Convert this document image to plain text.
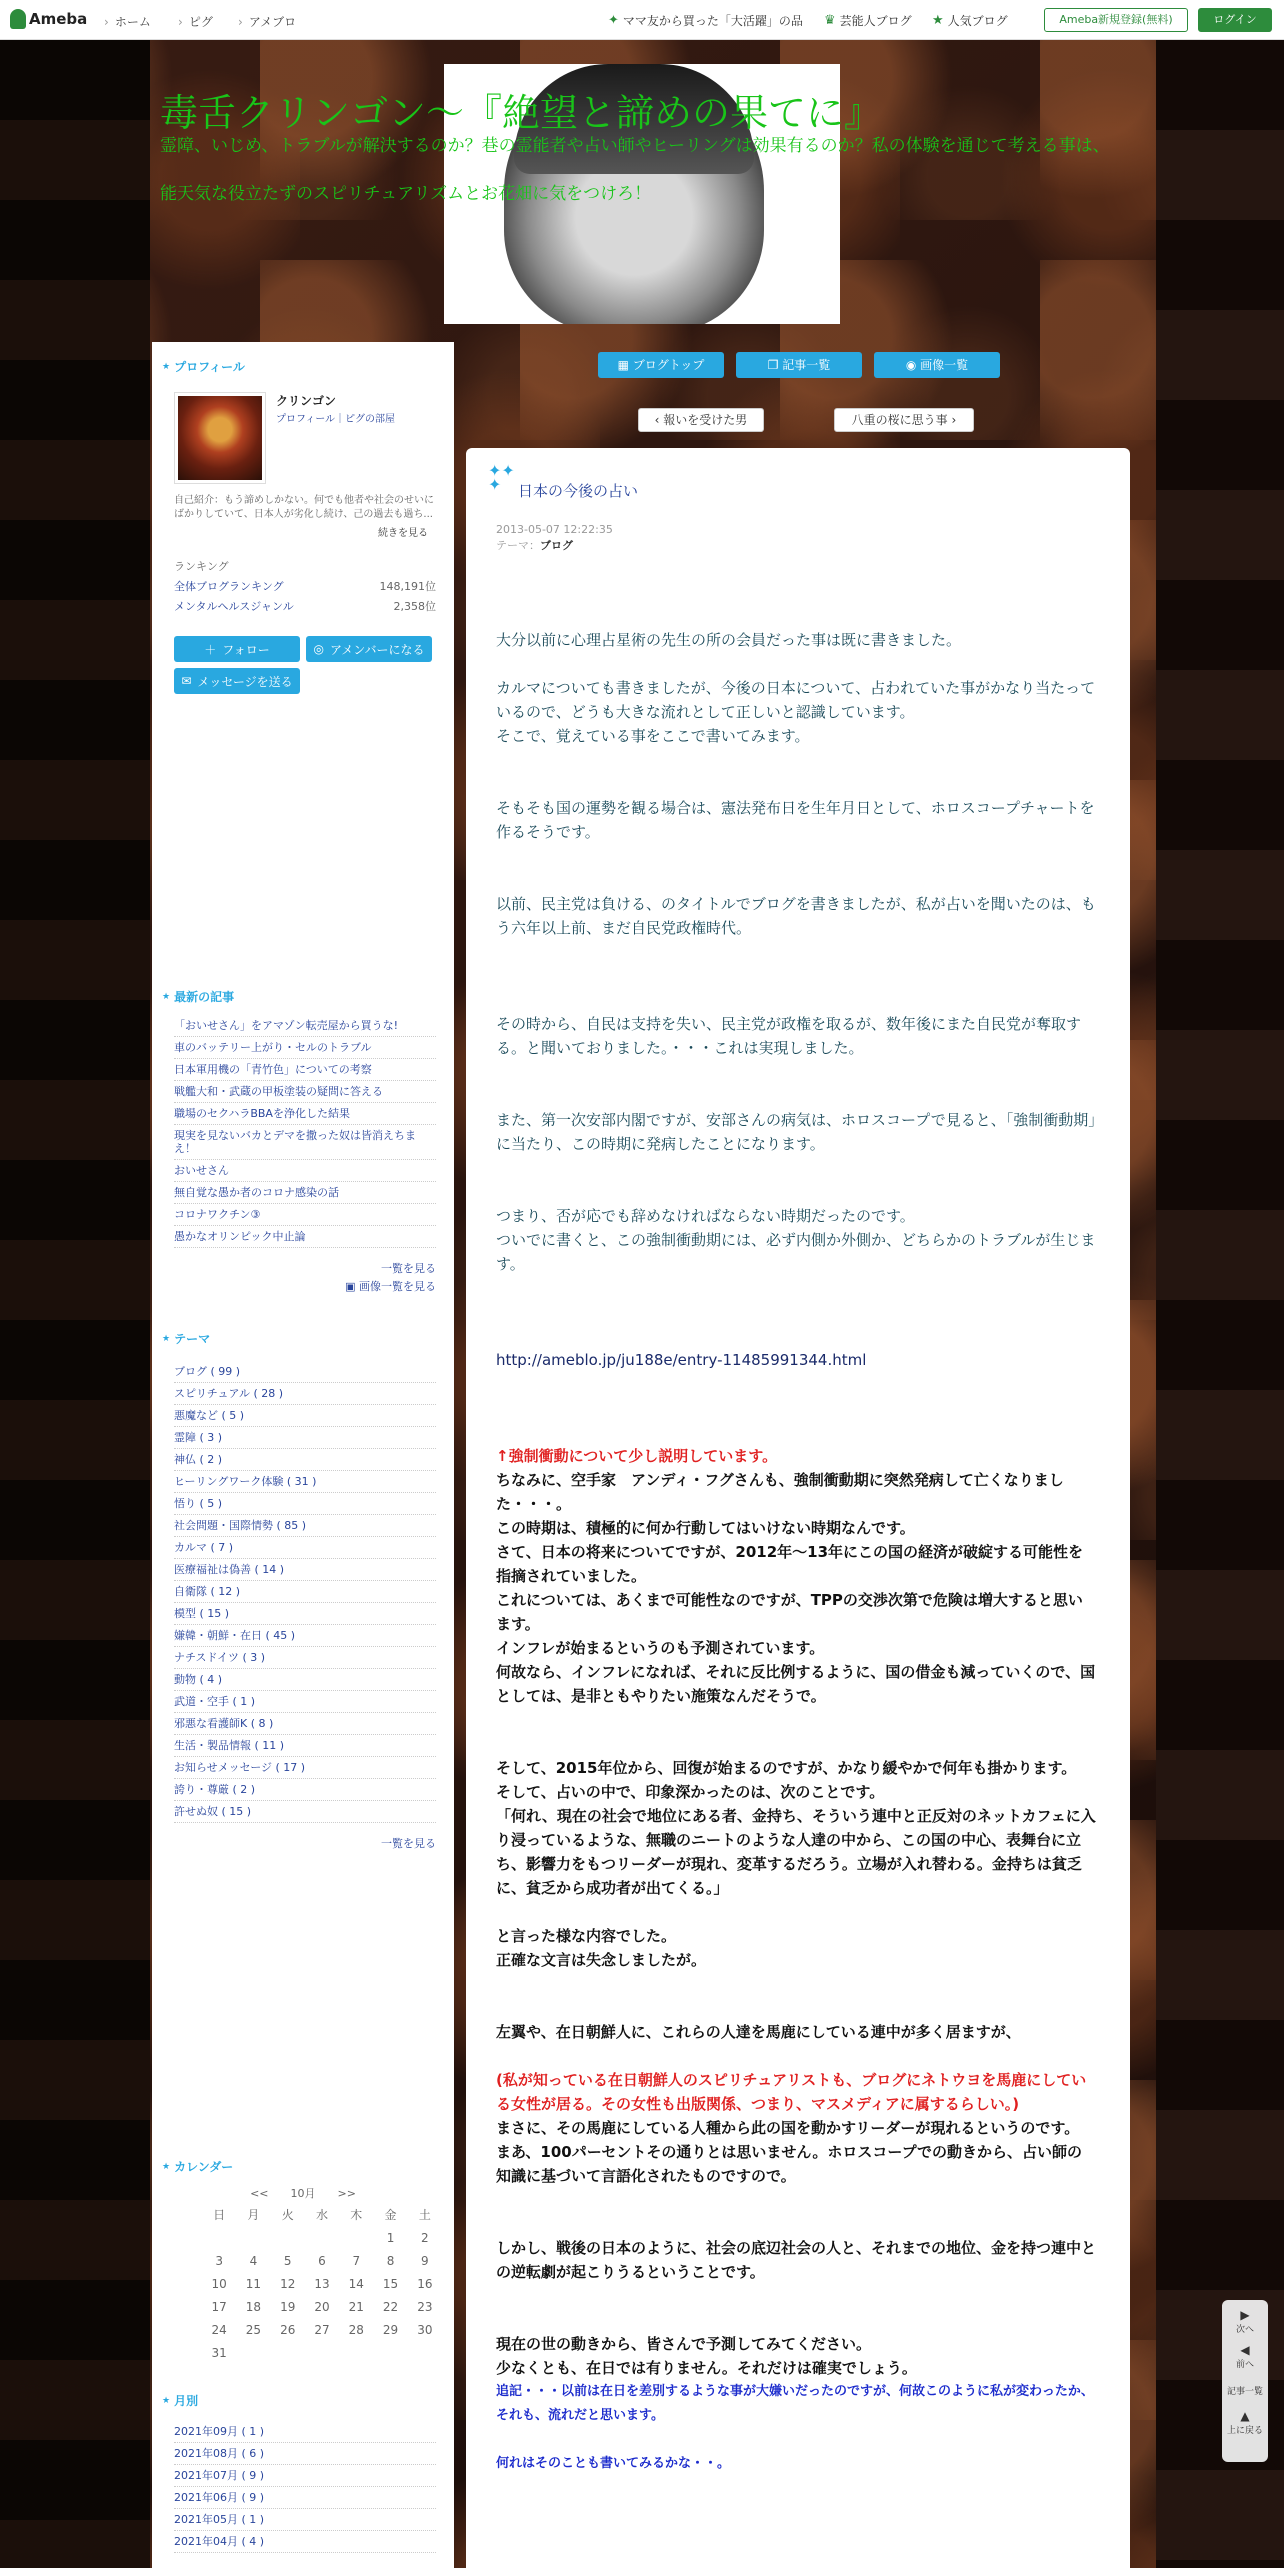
Ameba	› ホーム	› ピグ	› アメブロ	✦ ママ友から買った「大活躍」の品 ♛ 芸能人ブログ ★ 人気ブログ	Ameba新規登録(無料)	ログイン
毒舌クリンゴン～『絶望と諦めの果てに』
霊障、いじめ、トラブルが解決するのか？巷の霊能者や占い師やヒーリングは効果有るのか？私の体験を通じて考える事は、
能天気な役立たずのスピリチュアリズムとお花畑に気をつけろ！
▦ ブログトップ	❐ 記事一覧	◉ 画像一覧
‹ 報いを受けた男	八重の桜に思う事 ›
★ プロフィール
クリンゴン
プロフィール｜ピグの部屋
自己紹介：もう諦めしかない。何でも他者や社会のせいにばかりしていて、日本人が劣化し続け、己の過去も過ち...
続きを見る
ランキング
全体ブログランキング	148,191位
メンタルヘルスジャンル	2,358位
＋ フォロー	◎ アメンバーになる
✉ メッセージを送る
★ 最新の記事
「おいせさん」をアマゾン転売屋から買うな!
車のバッテリー上がり・セルのトラブル
日本軍用機の「青竹色」についての考察
戦艦大和・武蔵の甲板塗装の疑問に答える
職場のセクハラBBAを浄化した結果
現実を見ないバカとデマを撒った奴は皆消えちまえ！
おいせさん
無自覚な愚か者のコロナ感染の話
コロナワクチン③
愚かなオリンピック中止論
一覧を見る
▣ 画像一覧を見る
★ テーマ
ブログ ( 99 )
スピリチュアル ( 28 )
悪魔など ( 5 )
霊障 ( 3 )
神仏 ( 2 )
ヒーリングワーク体験 ( 31 )
悟り ( 5 )
社会問題・国際情勢 ( 85 )
カルマ ( 7 )
医療福祉は偽善 ( 14 )
自衛隊 ( 12 )
模型 ( 15 )
嫌韓・朝鮮・在日 ( 45 )
ナチスドイツ ( 3 )
動物 ( 4 )
武道・空手 ( 1 )
邪悪な看護師K ( 8 )
生活・製品情報 ( 11 )
お知らせメッセージ ( 17 )
誇り・尊厳 ( 2 )
許せぬ奴 ( 15 )
一覧を見る
★ カレンダー
<<　　 10月　　 >>
日	月	火	水	木	金	土
					1	2
3	4	5	6	7	8	9
10	11	12	13	14	15	16
17	18	19	20	21	22	23
24	25	26	27	28	29	30
31						
★ 月別
2021年09月 ( 1 )
2021年08月 ( 6 )
2021年07月 ( 9 )
2021年06月 ( 9 )
2021年05月 ( 1 )
2021年04月 ( 4 )
AD
AD
✦✦
✦	日本の今後の占い
2013-05-07 12:22:35
テーマ：ブログ

大分以前に心理占星術の先生の所の会員だった事は既に書きました。

カルマについても書きましたが、今後の日本について、占われていた事がかなり当たっているので、どうも大きな流れとして正しいと認識しています。

そこで、覚えている事をここで書いてみます。

そもそも国の運勢を観る場合は、憲法発布日を生年月日として、ホロスコープチャートを作るそうです。

以前、民主党は負ける、のタイトルでブログを書きましたが、私が占いを聞いたのは、もう六年以上前、まだ自民党政権時代。

その時から、自民は支持を失い、民主党が政権を取るが、数年後にまた自民党が奪取する。と聞いておりました。・・・これは実現しました。

また、第一次安部内閣ですが、安部さんの病気は、ホロスコープで見ると、「強制衝動期」に当たり、この時期に発病したことになります。

つまり、否が応でも辞めなければならない時期だったのです。

ついでに書くと、この強制衝動期には、必ず内側か外側か、どちらかのトラブルが生じます。

http://ameblo.jp/ju188e/entry-11485991344.html

↑強制衝動について少し説明しています。

ちなみに、空手家　アンディ・フグさんも、強制衝動期に突然発病して亡くなりました・・・。

この時期は、積極的に何か行動してはいけない時期なんです。

さて、日本の将来についてですが、2012年～13年にこの国の経済が破綻する可能性を指摘されていました。

これについては、あくまで可能性なのですが、TPPの交渉次第で危険は増大すると思います。

インフレが始まるというのも予測されています。

何故なら、インフレになれば、それに反比例するように、国の借金も減っていくので、国としては、是非ともやりたい施策なんだそうで。

そして、2015年位から、回復が始まるのですが、かなり緩やかで何年も掛かります。

そして、占いの中で、印象深かったのは、次のことです。

「何れ、現在の社会で地位にある者、金持ち、そういう連中と正反対のネットカフェに入り浸っているような、無職のニートのような人達の中から、この国の中心、表舞台に立ち、影響力をもつリーダーが現れ、変革するだろう。立場が入れ替わる。金持ちは貧乏に、貧乏から成功者が出てくる。」

と言った様な内容でした。

正確な文言は失念しましたが。

左翼や、在日朝鮮人に、これらの人達を馬鹿にしている連中が多く居ますが、

(私が知っている在日朝鮮人のスピリチュアリストも、ブログにネトウヨを馬鹿にしている女性が居る。その女性も出版関係、つまり、マスメディアに属するらしい。)

まさに、その馬鹿にしている人種から此の国を動かすリーダーが現れるというのです。

まあ、100パーセントその通りとは思いません。ホロスコープでの動きから、占い師の知識に基づいて言語化されたものですので。

しかし、戦後の日本のように、社会の底辺社会の人と、それまでの地位、金を持つ連中との逆転劇が起こりうるということです。

現在の世の動きから、皆さんで予測してみてください。

少なくとも、在日では有りません。それだけは確実でしょう。

追記・・・以前は在日を差別するような事が大嫌いだったのですが、何故このように私が変わったか、それも、流れだと思います。

何れはそのことも書いてみるかな・・。

▶
次へ
◀
前へ
記事一覧
▲
上に戻る
